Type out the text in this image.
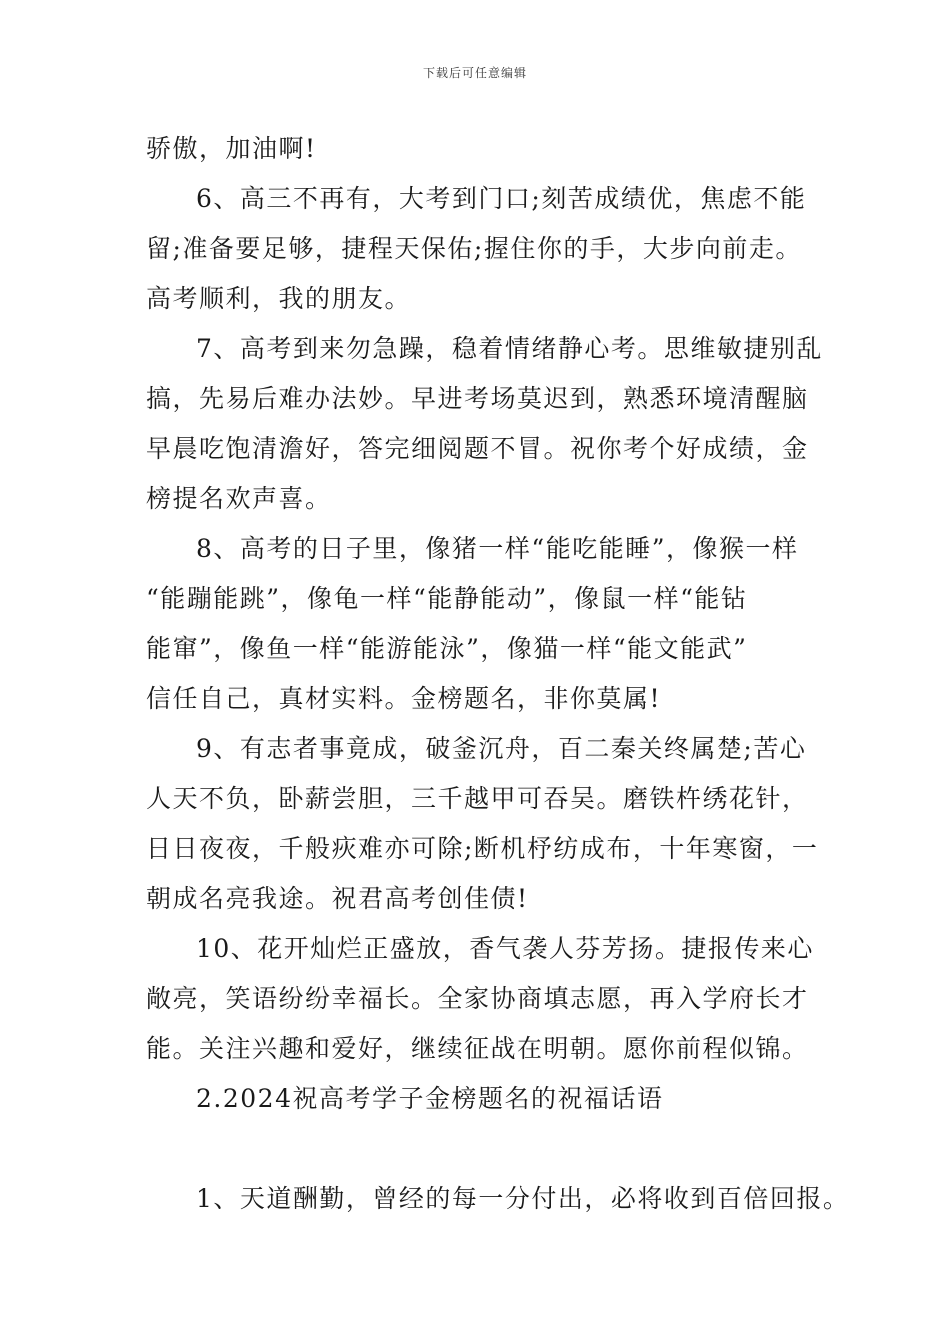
下载后可任意编辑
骄傲，加油啊!
6、高三不再有，大考到门口;刻苦成绩优，焦虑不能
留;准备要足够，捷程天保佑;握住你的手，大步向前走。
高考顺利，我的朋友。
7、高考到来勿急躁，稳着情绪静心考。思维敏捷别乱
搞，先易后难办法妙。早进考场莫迟到，熟悉环境清醒脑
早晨吃饱清澹好，答完细阅题不冒。祝你考个好成绩，金
榜提名欢声喜。
8、高考的日子里，像猪一样“能吃能睡”，像猴一样
“能蹦能跳”，像龟一样“能静能动”，像鼠一样“能钻
能窜”，像鱼一样“能游能泳”，像猫一样“能文能武”
信任自己，真材实料。金榜题名，非你莫属!
9、有志者事竟成，破釜沉舟，百二秦关终属楚;苦心
人天不负，卧薪尝胆，三千越甲可吞吴。磨铁杵绣花针，
日日夜夜，千般疢难亦可除;断机杼纺成布，十年寒窗，一
朝成名亮我途。祝君高考创佳债!
10、花开灿烂正盛放，香气袭人芬芳扬。捷报传来心
敞亮，笑语纷纷幸福长。全家协商填志愿，再入学府长才
能。关注兴趣和爱好，继续征战在明朝。愿你前程似锦。
2.2024祝高考学子金榜题名的祝福话语
1、天道酬勤，曾经的每一分付出，必将收到百倍回报。
